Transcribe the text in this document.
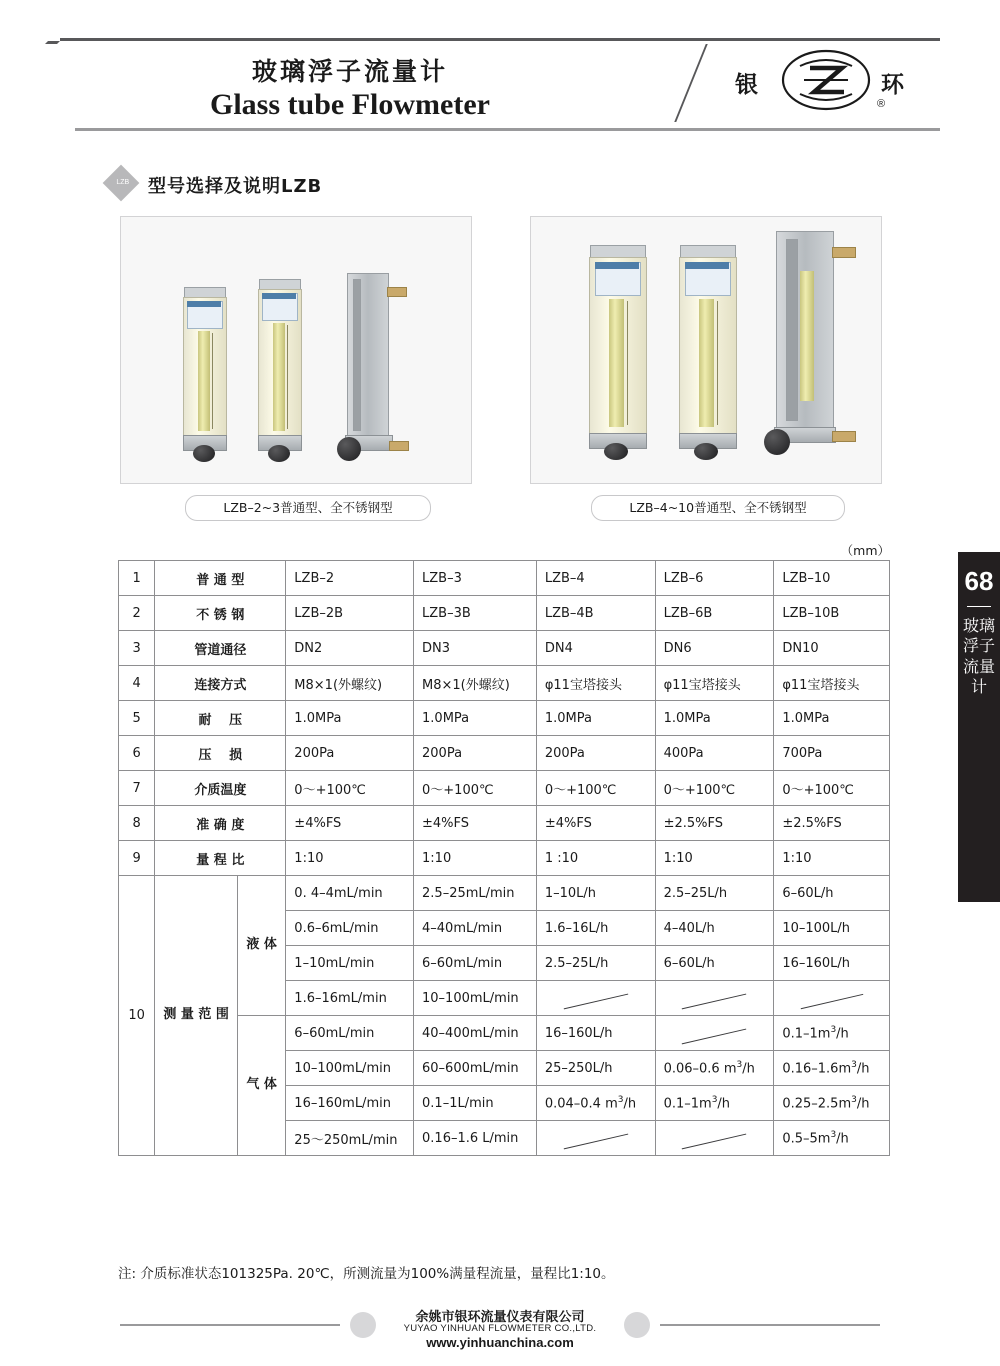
玻璃浮子流量计
Glass tube Flowmeter
银	环
®
LZB 型号选择及说明LZB
LZB–2~3普通型、全不锈钢型	LZB–4~10普通型、全不锈钢型
（mm）
1	普 通 型		LZB–2	LZB–3	LZB–4	LZB–6	LZB–10
2	不 锈 钢		LZB–2B	LZB–3B	LZB–4B	LZB–6B	LZB–10B
3	管道通径		DN2	DN3	DN4	DN6	DN10
4	连接方式		M8×1(外螺纹)	M8×1(外螺纹)	φ11宝塔接头	φ11宝塔接头	φ11宝塔接头
5	耐　 压		1.0MPa	1.0MPa	1.0MPa	1.0MPa	1.0MPa
6	压　 损		200Pa	200Pa	200Pa	400Pa	700Pa
7	介质温度		0～+100℃	0～+100℃	0～+100℃	0～+100℃	0～+100℃
8	准 确 度		±4%FS	±4%FS	±4%FS	±2.5%FS	±2.5%FS
9	量 程 比		1:10	1:10	1 :10	1:10	1:10
10	测 量 范 围	液 体	0. 4–4mL/min	2.5–25mL/min	1–10L/h	2.5–25L/h	6–60L/h
			0.6–6mL/min	4–40mL/min	1.6–16L/h	4–40L/h	10–100L/h
			1–10mL/min	6–60mL/min	2.5–25L/h	6–60L/h	16–160L/h
			1.6–16mL/min	10–100mL/min			
		气 体	6–60mL/min	40–400mL/min	16–160L/h		$0.1-1m^3/h$
			10–100mL/min	60–600mL/min	25–250L/h	0.06–0.6 $m^3/h$	$0.16-1.6m^3/h$
			16–160mL/min	0.1–1L/min	0.04–0.4 $m^3/h$	$0.1-1m^3/h$	$0.25-2.5m^3/h$
			25～250mL/min	0.16–1.6 L/min			$0.5-5m^3/h$
注: 介质标准状态101325Pa. 20℃，所测流量为100%满量程流量，量程比1:10。
余姚市银环流量仪表有限公司
YUYAO YINHUAN FLOWMETER CO.,LTD.
www.yinhuanchina.com
68
玻璃浮子流量计
